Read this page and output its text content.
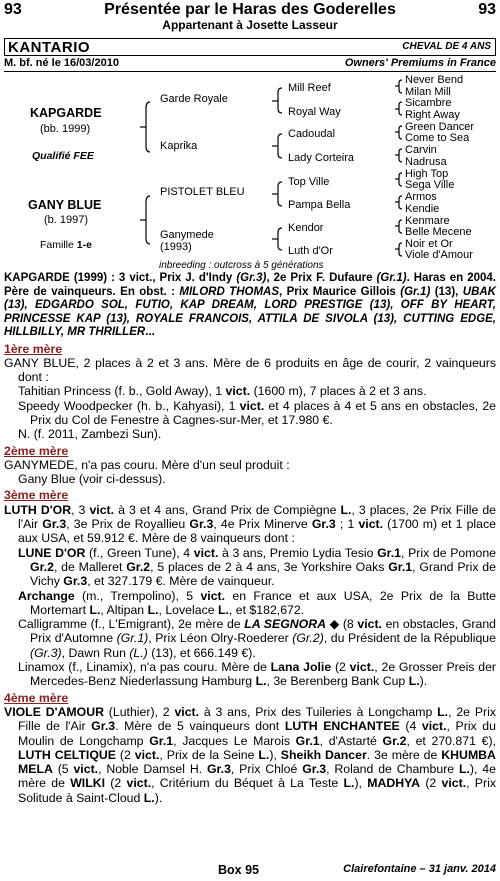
93	Présentée par le Haras des Goderelles	93
Appartenant à Josette Lasseur
KANTARIO	CHEVAL DE 4 ANS
M. bf. né le 16/03/2010	Owners' Premiums in France
KAPGARDE
(bb. 1999)
Qualifié FEE
GANY BLUE
(b. 1997)
Famille 1-e
Garde Royale
Kaprika
PISTOLET BLEU
Ganymede
(1993)
Mill Reef
Royal Way
Cadoudal
Lady Corteira
Top Ville
Pampa Bella
Kendor
Luth d'Or
Never Bend
Milan Mill
Sicambre
Right Away
Green Dancer
Come to Sea
Carvin
Nadrusa
High Top
Sega Ville
Armos
Kendie
Kenmare
Belle Mecene
Noir et Or
Viole d'Amour
inbreeding : outcross à 5 générations

KAPGARDE (1999) : 3 vict., Prix J. d'Indy (Gr.3), 2e Prix F. Dufaure (Gr.1). Haras en 2004. Père de vainqueurs. En obst. : MILORD THOMAS, Prix Maurice Gillois (Gr.1) (13), UBAK (13), EDGARDO SOL, FUTIO, KAP DREAM, LORD PRESTIGE (13), OFF BY HEART, PRINCESSE KAP (13), ROYALE FRANCOIS, ATTILA DE SIVOLA (13), CUTTING EDGE, HILLBILLY, MR THRILLER...

1ère mère

GANY BLUE, 2 places à 2 et 3 ans. Mère de 6 produits en âge de courir, 2 vainqueurs dont :

Tahitian Princess (f. b., Gold Away), 1 vict. (1600 m), 7 places à 2 et 3 ans.

Speedy Woodpecker (h. b., Kahyasi), 1 vict. et 4 places à 4 et 5 ans en obstacles, 2e Prix du Col de Fenestre à Cagnes-sur-Mer, et 17.980 €.

N. (f. 2011, Zambezi Sun).

2ème mère

GANYMEDE, n'a pas couru. Mère d'un seul produit :

Gany Blue (voir ci-dessus).

3ème mère

LUTH D'OR, 3 vict. à 3 et 4 ans, Grand Prix de Compiègne L., 3 places, 2e Prix Fille de l'Air Gr.3, 3e Prix de Royallieu Gr.3, 4e Prix Minerve Gr.3 ; 1 vict. (1700 m) et 1 place aux USA, et 59.912 €. Mère de 8 vainqueurs dont :

LUNE D'OR (f., Green Tune), 4 vict. à 3 ans, Premio Lydia Tesio Gr.1, Prix de Pomone Gr.2, de Malleret Gr.2, 5 places de 2 à 4 ans, 3e Yorkshire Oaks Gr.1, Grand Prix de Vichy Gr.3, et 327.179 €. Mère de vainqueur.

Archange (m., Trempolino), 5 vict. en France et aux USA, 2e Prix de la Butte Mortemart L., Altipan L., Lovelace L., et $182,672.

Calligramme (f., L'Emigrant), 2e mère de LA SEGNORA ◆ (8 vict. en obstacles, Grand Prix d'Automne (Gr.1), Prix Léon Olry-Roederer (Gr.2), du Président de la République (Gr.3), Dawn Run (L.) (13), et 666.149 €).

Linamox (f., Linamix), n'a pas couru. Mère de Lana Jolie (2 vict., 2e Grosser Preis der Mercedes-Benz Niederlassung Hamburg L., 3e Berenberg Bank Cup L.).

4ème mère

VIOLE D'AMOUR (Luthier), 2 vict. à 3 ans, Prix des Tuileries à Longchamp L., 2e Prix Fille de l'Air Gr.3. Mère de 5 vainqueurs dont LUTH ENCHANTEE (4 vict., Prix du Moulin de Longchamp Gr.1, Jacques Le Marois Gr.1, d'Astarté Gr.2, et 270.871 €), LUTH CELTIQUE (2 vict., Prix de la Seine L.), Sheikh Dancer. 3e mère de KHUMBA MELA (5 vict., Noble Damsel H. Gr.3, Prix Chloé Gr.3, Roland de Chambure L.), 4e mère de WILKI (2 vict., Critérium du Béquet à La Teste L.), MADHYA (2 vict., Prix Solitude à Saint-Cloud L.).

Box 95	Clairefontaine – 31 janv. 2014
